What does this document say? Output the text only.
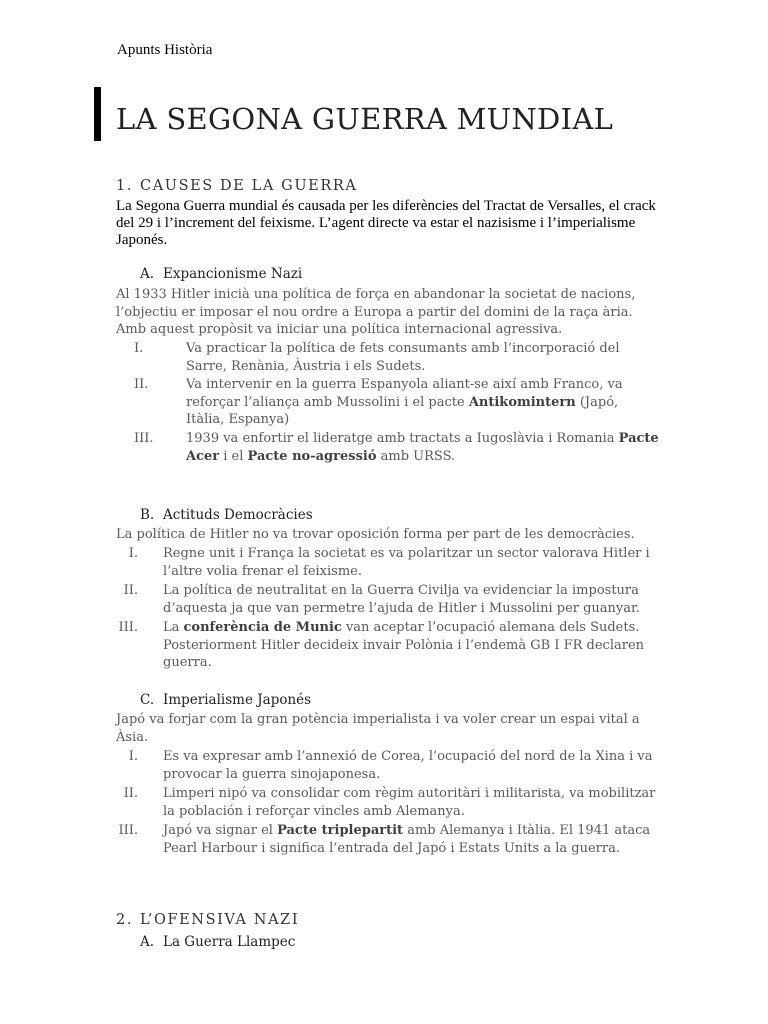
Apunts Història
LA SEGONA GUERRA MUNDIAL
1. CAUSES DE LA GUERRA
La Segona Guerra mundial és causada per les diferències del Tractat de Versalles, el crack del 29 i l’increment del feixisme. L’agent directe va estar el nazisisme i l’imperialisme Japonés.
A. Expancionisme Nazi
Al 1933 Hitler inicià una política de força en abandonar la societat de nacions, l’objectiu er imposar el nou ordre a Europa a partir del domini de la raça ària. Amb aquest propòsit va iniciar una política internacional agressiva.
I.	Va practicar la política de fets consumants amb l’incorporació del Sarre, Renània, Àustria i els Sudets.
II.	Va intervenir en la guerra Espanyola aliant-se així amb Franco, va reforçar l’aliança amb Mussolini i el pacte Antikomintern (Japó, Itàlia, Espanya)
III.	1939 va enfortir el lideratge amb tractats a Iugoslàvia i Romania Pacte Acer i el Pacte no-agressió amb URSS.
B. Actituds Democràcies
La política de Hitler no va trovar oposición forma per part de les democràcies.
I. Regne unit i França la societat es va polaritzar un sector valorava Hitler i l’altre volia frenar el feixisme.
II. La política de neutralitat en la Guerra Civilja va evidenciar la impostura d’aquesta ja que van permetre l’ajuda de Hitler i Mussolini per guanyar.
III. La conferència de Munic van aceptar l’ocupació alemana dels Sudets. Posteriorment Hitler decideix invair Polònia i l’endemà GB I FR declaren guerra.
C. Imperialisme Japonés
Japó va forjar com la gran potència imperialista i va voler crear un espai vital a Àsia.
I. Es va expresar amb l’annexió de Corea, l’ocupació del nord de la Xina i va provocar la guerra sinojaponesa.
II. Limperi nipó va consolidar com règim autoritàri i militarista, va mobilitzar la población i reforçar vincles amb Alemanya.
III. Japó va signar el Pacte triplepartit amb Alemanya i Itàlia. El 1941 ataca Pearl Harbour i significa l’entrada del Japó i Estats Units a la guerra.
2. L’OFENSIVA NAZI
A. La Guerra Llampec
